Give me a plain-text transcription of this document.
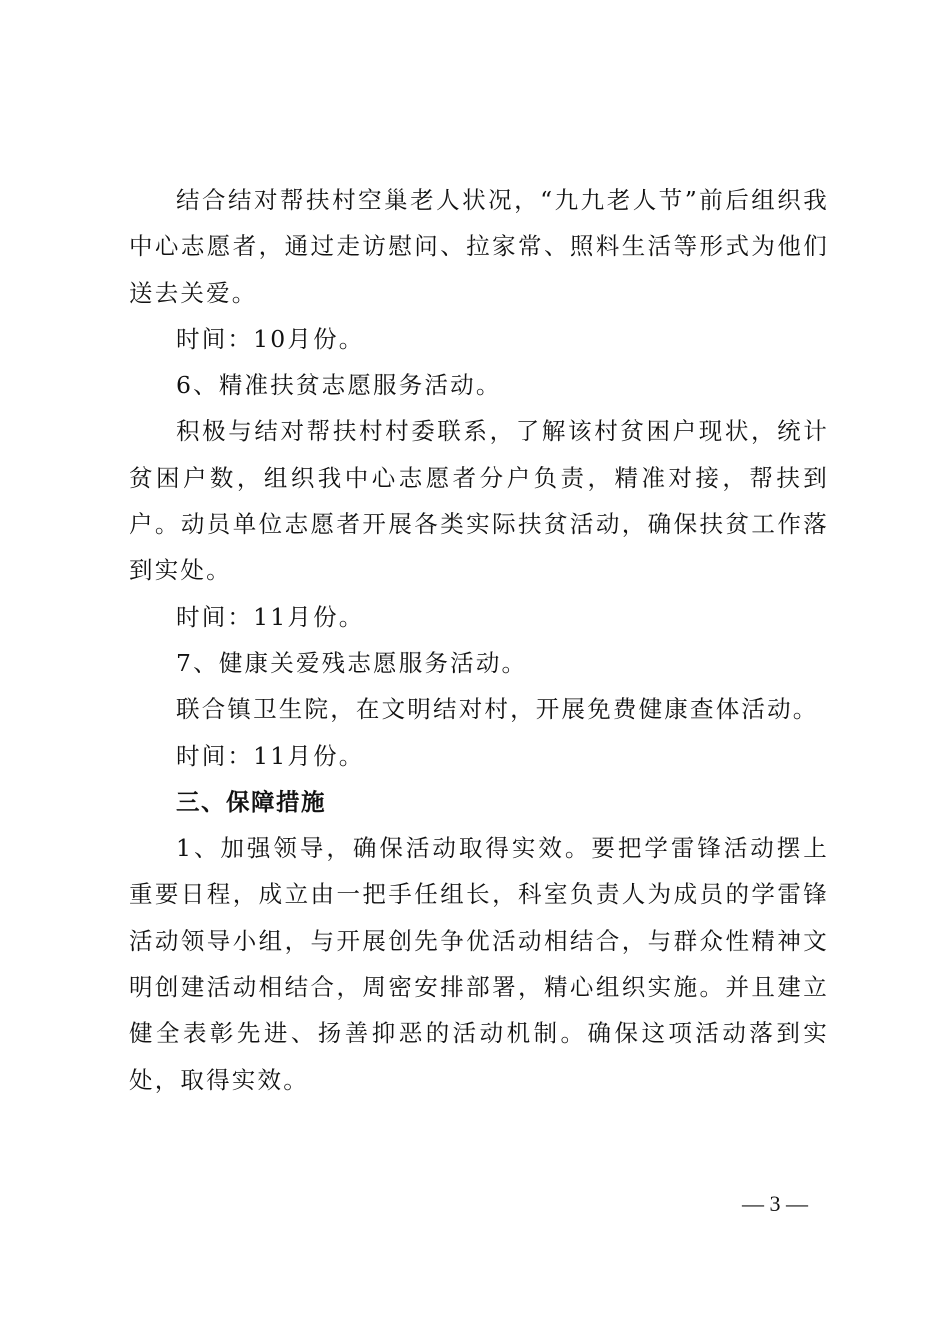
结合结对帮扶村空巢老人状况，“九九老人节”前后组织我中心志愿者，通过走访慰问、拉家常、照料生活等形式为他们送去关爱。

时间：10月份。

6、精准扶贫志愿服务活动。

积极与结对帮扶村村委联系，了解该村贫困户现状，统计贫困户数，组织我中心志愿者分户负责，精准对接，帮扶到户。动员单位志愿者开展各类实际扶贫活动，确保扶贫工作落到实处。

时间：11月份。

7、健康关爱残志愿服务活动。

联合镇卫生院，在文明结对村，开展免费健康查体活动。

时间：11月份。

三、保障措施

1、加强领导，确保活动取得实效。要把学雷锋活动摆上重要日程，成立由一把手任组长，科室负责人为成员的学雷锋活动领导小组，与开展创先争优活动相结合，与群众性精神文明创建活动相结合，周密安排部署，精心组织实施。并且建立健全表彰先进、扬善抑恶的活动机制。确保这项活动落到实处，取得实效。

— 3 —
